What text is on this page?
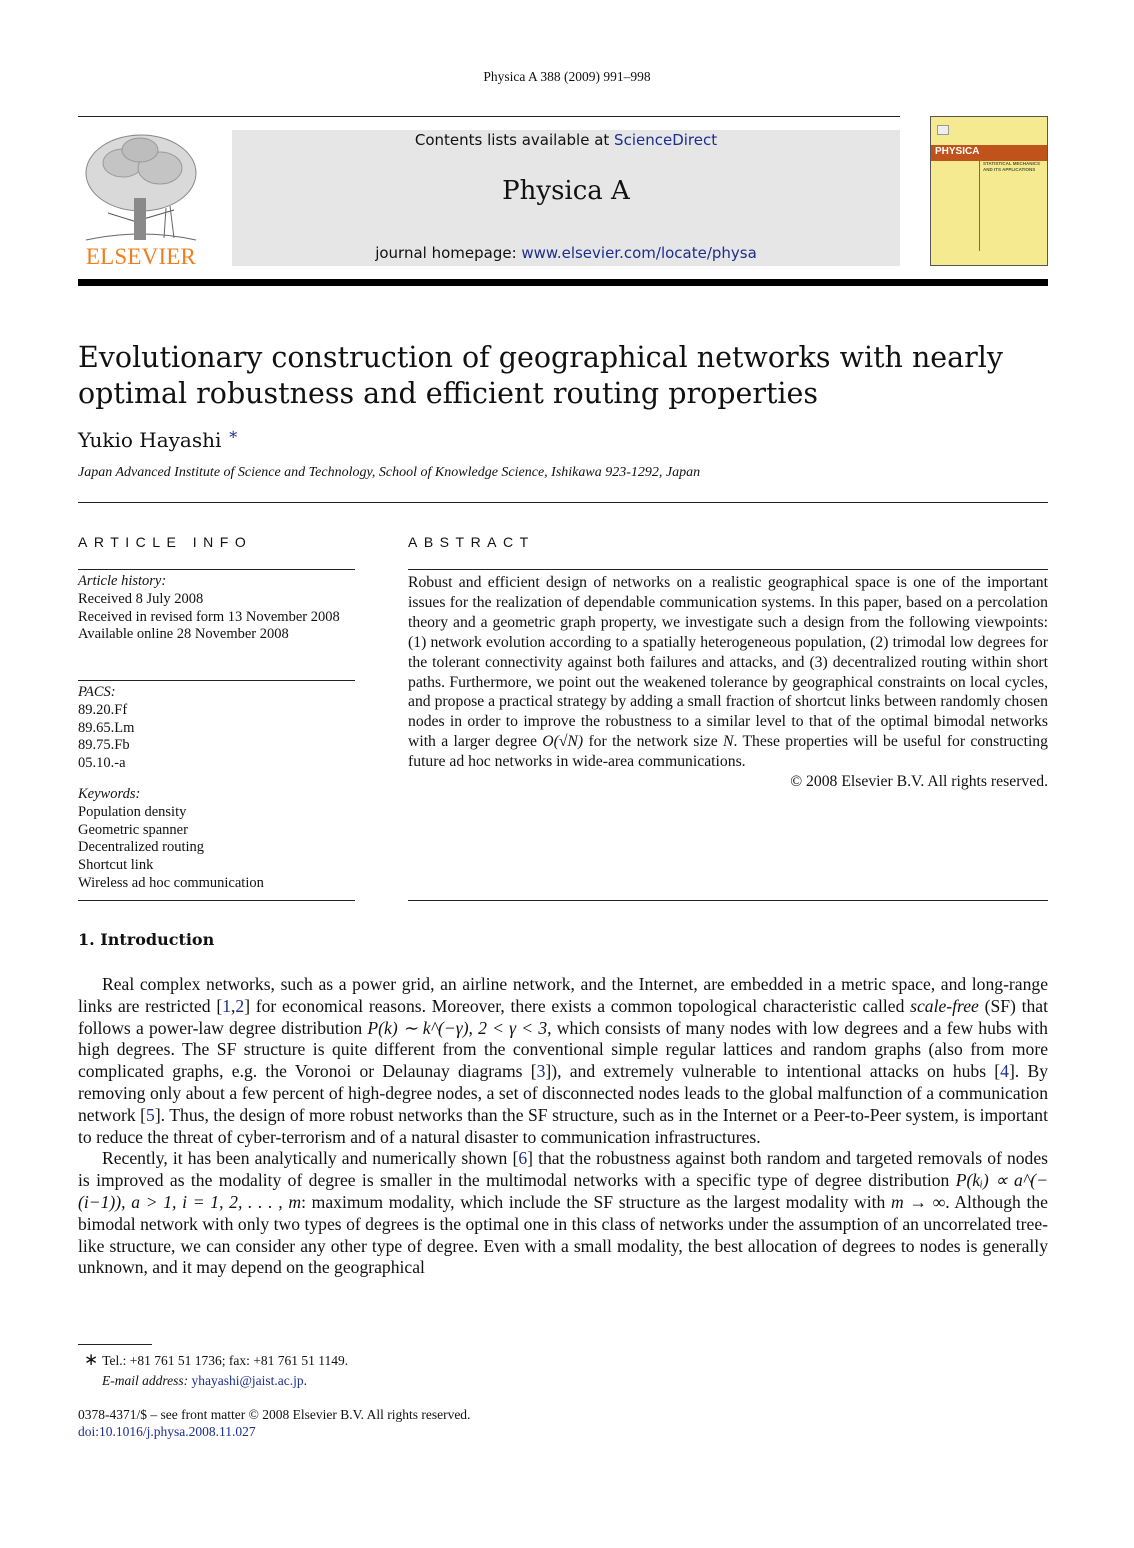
Physica A 388 (2009) 991–998
ELSEVIER
Contents lists available at ScienceDirect
Physica A
journal homepage: www.elsevier.com/locate/physa
PHYSICA
STATISTICAL MECHANICS AND ITS APPLICATIONS
Evolutionary construction of geographical networks with nearly optimal robustness and efficient routing properties
Yukio Hayashi ∗
Japan Advanced Institute of Science and Technology, School of Knowledge Science, Ishikawa 923-1292, Japan
ARTICLE INFO
Article history:
Received 8 July 2008
Received in revised form 13 November 2008
Available online 28 November 2008
PACS:
89.20.Ff
89.65.Lm
89.75.Fb
05.10.-a
Keywords:
Population density
Geometric spanner
Decentralized routing
Shortcut link
Wireless ad hoc communication
ABSTRACT
Robust and efficient design of networks on a realistic geographical space is one of the important issues for the realization of dependable communication systems. In this paper, based on a percolation theory and a geometric graph property, we investigate such a design from the following viewpoints: (1) network evolution according to a spatially heterogeneous population, (2) trimodal low degrees for the tolerant connectivity against both failures and attacks, and (3) decentralized routing within short paths. Furthermore, we point out the weakened tolerance by geographical constraints on local cycles, and propose a practical strategy by adding a small fraction of shortcut links between randomly chosen nodes in order to improve the robustness to a similar level to that of the optimal bimodal networks with a larger degree O(√N) for the network size N. These properties will be useful for constructing future ad hoc networks in wide-area communications.
© 2008 Elsevier B.V. All rights reserved.
1. Introduction

Real complex networks, such as a power grid, an airline network, and the Internet, are embedded in a metric space, and long-range links are restricted [1,2] for economical reasons. Moreover, there exists a common topological characteristic called scale-free (SF) that follows a power-law degree distribution P(k) ∼ k^(−γ), 2 < γ < 3, which consists of many nodes with low degrees and a few hubs with high degrees. The SF structure is quite different from the conventional simple regular lattices and random graphs (also from more complicated graphs, e.g. the Voronoi or Delaunay diagrams [3]), and extremely vulnerable to intentional attacks on hubs [4]. By removing only about a few percent of high-degree nodes, a set of disconnected nodes leads to the global malfunction of a communication network [5]. Thus, the design of more robust networks than the SF structure, such as in the Internet or a Peer-to-Peer system, is important to reduce the threat of cyber-terrorism and of a natural disaster to communication infrastructures.

Recently, it has been analytically and numerically shown [6] that the robustness against both random and targeted removals of nodes is improved as the modality of degree is smaller in the multimodal networks with a specific type of degree distribution P(kᵢ) ∝ a^(−(i−1)), a > 1, i = 1, 2, . . . , m: maximum modality, which include the SF structure as the largest modality with m → ∞. Although the bimodal network with only two types of degrees is the optimal one in this class of networks under the assumption of an uncorrelated tree-like structure, we can consider any other type of degree. Even with a small modality, the best allocation of degrees to nodes is generally unknown, and it may depend on the geographical

∗ Tel.: +81 761 51 1736; fax: +81 761 51 1149.
E-mail address: yhayashi@jaist.ac.jp.
0378-4371/$ – see front matter © 2008 Elsevier B.V. All rights reserved.
doi:10.1016/j.physa.2008.11.027
